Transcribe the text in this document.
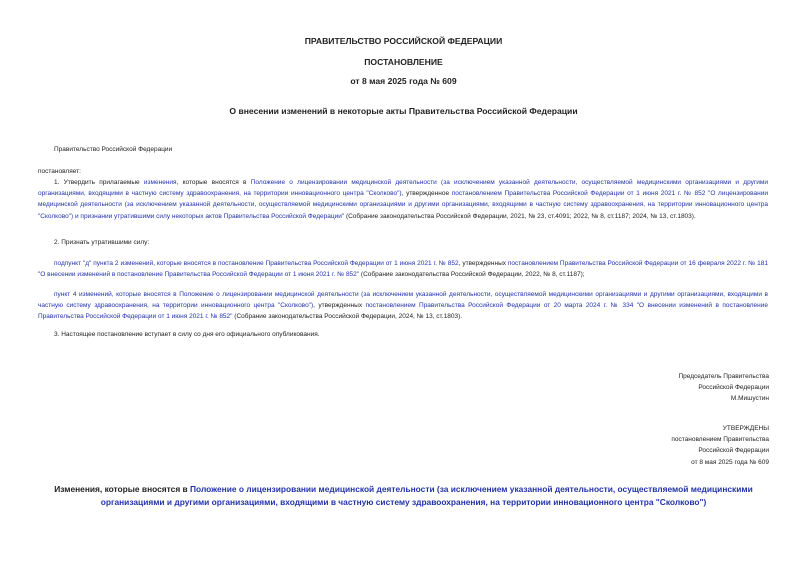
ПРАВИТЕЛЬСТВО РОССИЙСКОЙ ФЕДЕРАЦИИ
ПОСТАНОВЛЕНИЕ
от 8 мая 2025 года № 609
О внесении изменений в некоторые акты Правительства Российской Федерации
Правительство Российской Федерации
постановляет:
1. Утвердить прилагаемые изменения, которые вносятся в Положение о лицензировании медицинской деятельности (за исключением указанной деятельности, осуществляемой медицинскими организациями и другими организациями, входящими в частную систему здравоохранения, на территории инновационного центра "Сколково"), утвержденное постановлением Правительства Российской Федерации от 1 июня 2021 г. № 852 "О лицензировании медицинской деятельности (за исключением указанной деятельности, осуществляемой медицинскими организациями и другими организациями, входящими в частную систему здравоохранения, на территории инновационного центра "Сколково") и признании утратившими силу некоторых актов Правительства Российской Федерации" (Собрание законодательства Российской Федерации, 2021, № 23, ст.4091; 2022, № 8, ст.1187; 2024, № 13, ст.1803).
2. Признать утратившими силу:
подпункт "д" пункта 2 изменений, которые вносятся в постановление Правительства Российской Федерации от 1 июня 2021 г. № 852, утвержденных постановлением Правительства Российской Федерации от 16 февраля 2022 г. № 181 "О внесении изменений в постановление Правительства Российской Федерации от 1 июня 2021 г. № 852" (Собрание законодательства Российской Федерации, 2022, № 8, ст.1187);
пункт 4 изменений, которые вносятся в Положение о лицензировании медицинской деятельности (за исключением указанной деятельности, осуществляемой медицинскими организациями и другими организациями, входящими в частную систему здравоохранения, на территории инновационного центра "Сколково"), утвержденных постановлением Правительства Российской Федерации от 20 марта 2024 г. № 334 "О внесении изменений в постановление Правительства Российской Федерации от 1 июня 2021 г. № 852" (Собрание законодательства Российской Федерации, 2024, № 13, ст.1803).
3. Настоящее постановление вступает в силу со дня его официального опубликования.
Председатель Правительства
Российской Федерации
М.Мишустин
УТВЕРЖДЕНЫ
постановлением Правительства
Российской Федерации
от 8 мая 2025 года № 609
Изменения, которые вносятся в Положение о лицензировании медицинской деятельности (за исключением указанной деятельности, осуществляемой медицинскими организациями и другими организациями, входящими в частную систему здравоохранения, на территории инновационного центра "Сколково")
